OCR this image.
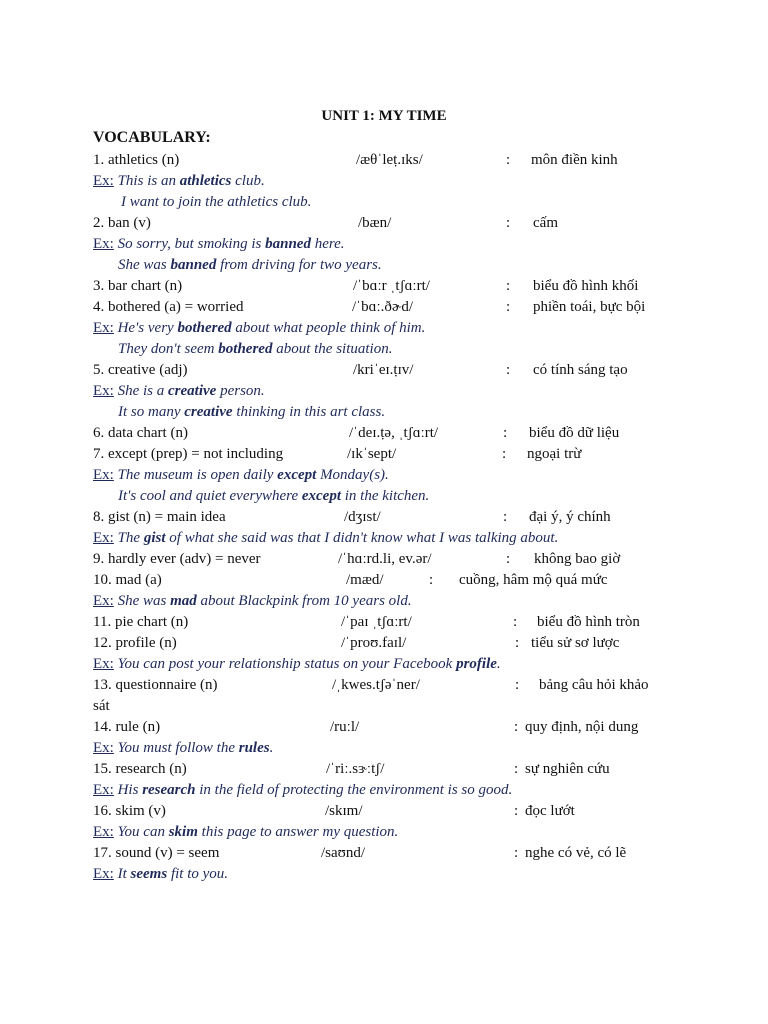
UNIT 1: MY TIME
VOCABULARY:
1. athletics (n)	/æθˈleṭ.ɪks/	: môn điền kinh
Ex: This is an athletics club.
I want to join the athletics club.
2. ban (v)	/bæn/	: cấm
Ex: So sorry, but smoking is banned here.
She was banned from driving for two years.
3. bar chart (n)	/ˈbɑːr ˌtʃɑːrt/	: biểu đồ hình khối
4. bothered (a) = worried	/ˈbɑː.ðɚd/	: phiền toái, bực bội
Ex: He's very bothered about what people think of him.
They don't seem bothered about the situation.
5. creative (adj)	/kriˈeɪ.ṭɪv/	: có tính sáng tạo
Ex: She is a creative person.
It so many creative thinking in this art class.
6. data chart (n)	/ˈdeɪ.ṭə, ˌtʃɑːrt/	: biểu đồ dữ liệu
7. except (prep) = not including	/ɪkˈsept/	: ngoại trừ
Ex: The museum is open daily except Monday(s).
It's cool and quiet everywhere except in the kitchen.
8. gist (n) = main idea	/dʒɪst/	: đại ý, ý chính
Ex: The gist of what she said was that I didn't know what I was talking about.
9. hardly ever (adv) = never	/ˈhɑːrd.li, ev.ər/	: không bao giờ
10. mad (a)	/mæd/	: cuồng, hâm mộ quá mức
Ex: She was mad about Blackpink from 10 years old.
11. pie chart (n)	/ˈpaɪ ˌtʃɑːrt/	: biểu đồ hình tròn
12. profile (n)	/ˈproʊ.faɪl/	: tiểu sử sơ lược
Ex: You can post your relationship status on your Facebook profile.
13. questionnaire (n)	/ˌkwes.tʃəˈner/	: bảng câu hỏi khảo
sát
14. rule (n)	/ruːl/	: quy định, nội dung
Ex: You must follow the rules.
15. research (n)	/ˈriː.sɝːtʃ/	: sự nghiên cứu
Ex: His research in the field of protecting the environment is so good.
16. skim (v)	/skɪm/	: đọc lướt
Ex: You can skim this page to answer my question.
17. sound (v) = seem	/saʊnd/	: nghe có vẻ, có lẽ
Ex: It seems fit to you.
